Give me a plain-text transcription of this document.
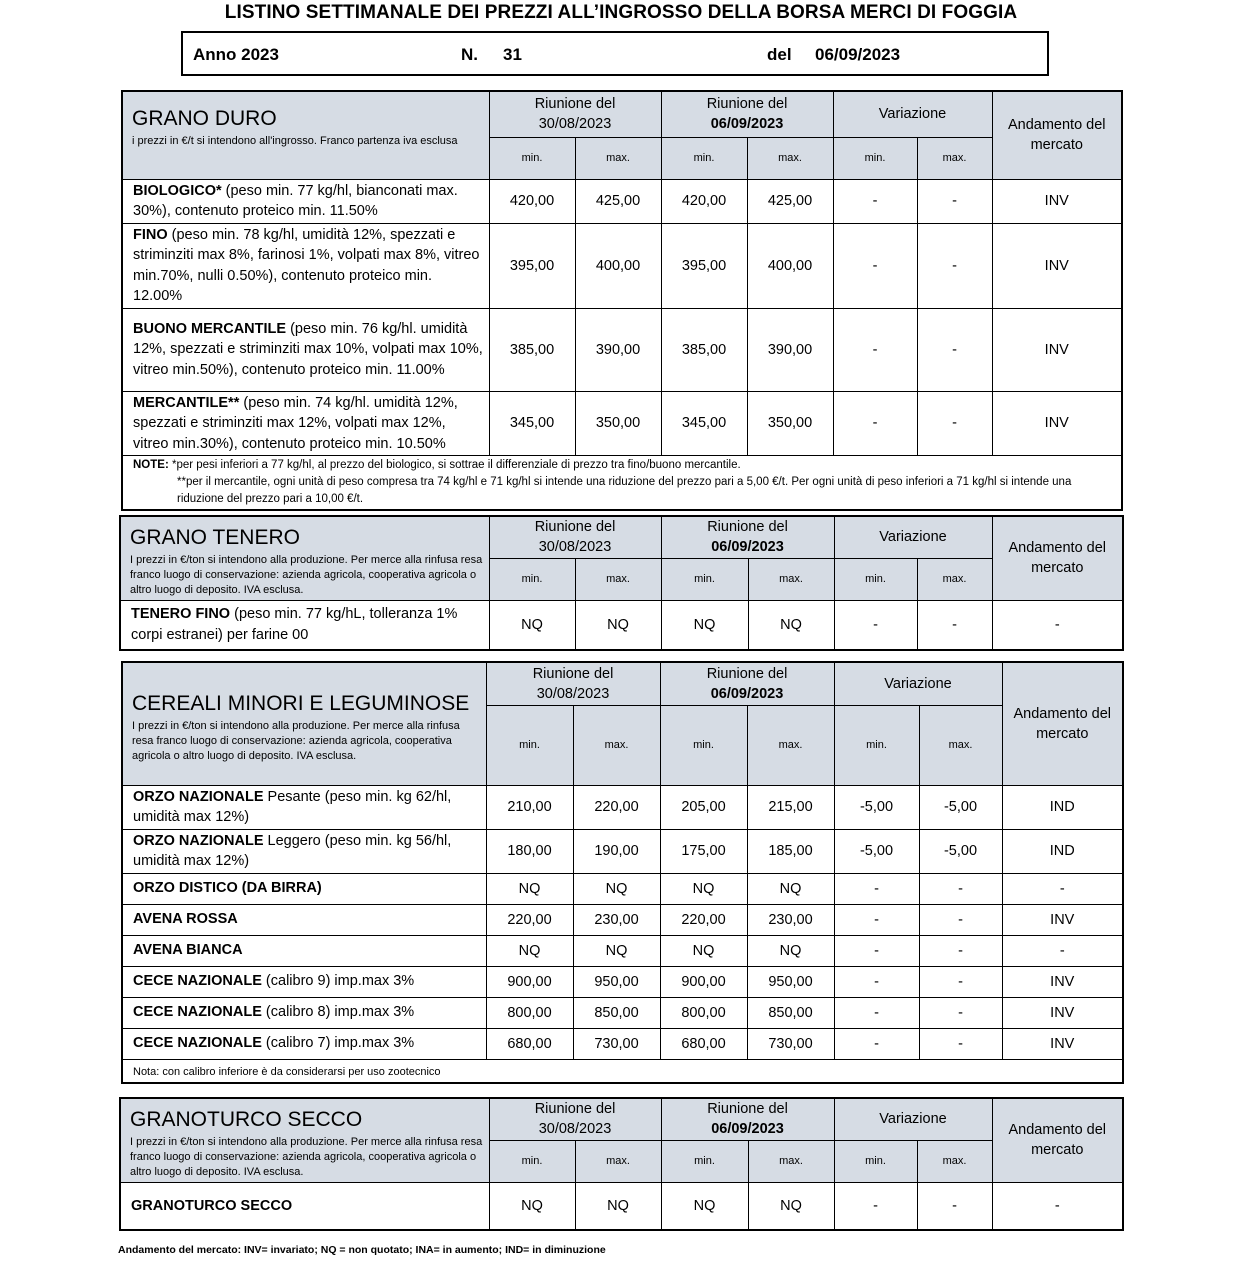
LISTINO SETTIMANALE DEI PREZZI ALL’INGROSSO DELLA BORSA MERCI DI FOGGIA
Anno 2023	N. 31	del 06/09/2023
GRANO DURO
i prezzi in €/t si intendono all'ingrosso. Franco partenza iva esclusa	Riunione del
30/08/2023		Riunione del
06/09/2023		Variazione		Andamento del mercato
	min.	max.	min.	max.	min.	max.	
BIOLOGICO* (peso min. 77 kg/hl, bianconati max. 30%), contenuto proteico min. 11.50%	420,00	425,00	420,00	425,00	-	-	INV
FINO (peso min. 78 kg/hl, umidità 12%, spezzati e striminziti max 8%, farinosi 1%, volpati max 8%, vitreo min.70%, nulli 0.50%), contenuto proteico min. 12.00%	395,00	400,00	395,00	400,00	-	-	INV
BUONO MERCANTILE (peso min. 76 kg/hl. umidità 12%, spezzati e striminziti max 10%, volpati max 10%, vitreo min.50%), contenuto proteico min. 11.00%	385,00	390,00	385,00	390,00	-	-	INV
MERCANTILE** (peso min. 74 kg/hl. umidità 12%, spezzati e striminziti max 12%, volpati max 12%, vitreo min.30%), contenuto proteico min. 10.50%	345,00	350,00	345,00	350,00	-	-	INV
NOTE: *per pesi inferiori a 77 kg/hl, al prezzo del biologico, si sottrae il differenziale di prezzo tra fino/buono mercantile.

**per il mercantile, ogni unità di peso compresa tra 74 kg/hl e 71 kg/hl si intende una riduzione del prezzo pari a 5,00 €/t. Per ogni unità di peso inferiori a 71 kg/hl si intende una riduzione del prezzo pari a 10,00 €/t.							
GRANO TENERO
I prezzi in €/ton si intendono alla produzione. Per merce alla rinfusa resa franco luogo di conservazione: azienda agricola, cooperativa agricola o altro luogo di deposito. IVA esclusa.	Riunione del
30/08/2023		Riunione del
06/09/2023		Variazione		Andamento del mercato
	min.	max.	min.	max.	min.	max.	
TENERO FINO (peso min. 77 kg/hL, tolleranza 1% corpi estranei) per farine 00	NQ	NQ	NQ	NQ	-	-	-
CEREALI MINORI E LEGUMINOSE
I prezzi in €/ton si intendono alla produzione. Per merce alla rinfusa resa franco luogo di conservazione: azienda agricola, cooperativa agricola o altro luogo di deposito. IVA esclusa.	Riunione del
30/08/2023		Riunione del
06/09/2023		Variazione		Andamento del mercato
	min.	max.	min.	max.	min.	max.	
ORZO NAZIONALE Pesante (peso min. kg 62/hl, umidità max 12%)	210,00	220,00	205,00	215,00	-5,00	-5,00	IND
ORZO NAZIONALE Leggero (peso min. kg 56/hl, umidità max 12%)	180,00	190,00	175,00	185,00	-5,00	-5,00	IND
ORZO DISTICO (DA BIRRA)	NQ	NQ	NQ	NQ	-	-	-
AVENA ROSSA	220,00	230,00	220,00	230,00	-	-	INV
AVENA BIANCA	NQ	NQ	NQ	NQ	-	-	-
CECE NAZIONALE (calibro 9) imp.max 3%	900,00	950,00	900,00	950,00	-	-	INV
CECE NAZIONALE (calibro 8) imp.max 3%	800,00	850,00	800,00	850,00	-	-	INV
CECE NAZIONALE (calibro 7) imp.max 3%	680,00	730,00	680,00	730,00	-	-	INV
Nota: con calibro inferiore è da considerarsi per uso zootecnico							
GRANOTURCO SECCO
I prezzi in €/ton si intendono alla produzione. Per merce alla rinfusa resa franco luogo di conservazione: azienda agricola, cooperativa agricola o altro luogo di deposito. IVA esclusa.	Riunione del
30/08/2023		Riunione del
06/09/2023		Variazione		Andamento del mercato
	min.	max.	min.	max.	min.	max.	
GRANOTURCO SECCO	NQ	NQ	NQ	NQ	-	-	-
Andamento del mercato: INV= invariato; NQ = non quotato; INA= in aumento; IND= in diminuzione
